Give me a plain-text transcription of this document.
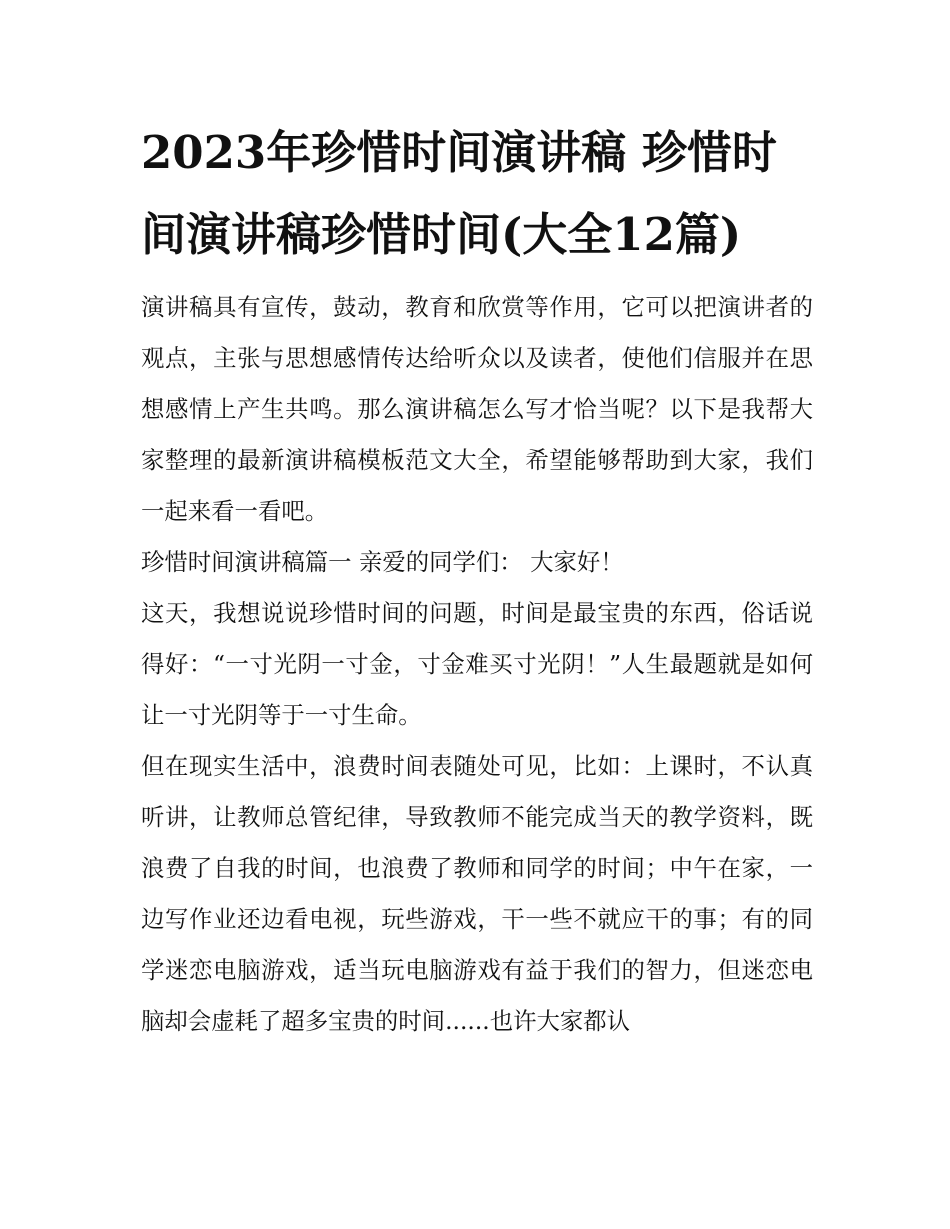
2023年珍惜时间演讲稿 珍惜时间演讲稿珍惜时间(大全12篇)

演讲稿具有宣传，鼓动，教育和欣赏等作用，它可以把演讲者的观点，主张与思想感情传达给听众以及读者，使他们信服并在思想感情上产生共鸣。那么演讲稿怎么写才恰当呢？以下是我帮大家整理的最新演讲稿模板范文大全，希望能够帮助到大家，我们一起来看一看吧。

珍惜时间演讲稿篇一 亲爱的同学们： 大家好！

这天，我想说说珍惜时间的问题，时间是最宝贵的东西，俗话说得好：“一寸光阴一寸金，寸金难买寸光阴！”人生最题就是如何让一寸光阴等于一寸生命。

但在现实生活中，浪费时间表随处可见，比如：上课时，不认真听讲，让教师总管纪律，导致教师不能完成当天的教学资料，既浪费了自我的时间，也浪费了教师和同学的时间；中午在家，一边写作业还边看电视，玩些游戏，干一些不就应干的事；有的同学迷恋电脑游戏，适当玩电脑游戏有益于我们的智力，但迷恋电脑却会虚耗了超多宝贵的时间......也许大家都认
